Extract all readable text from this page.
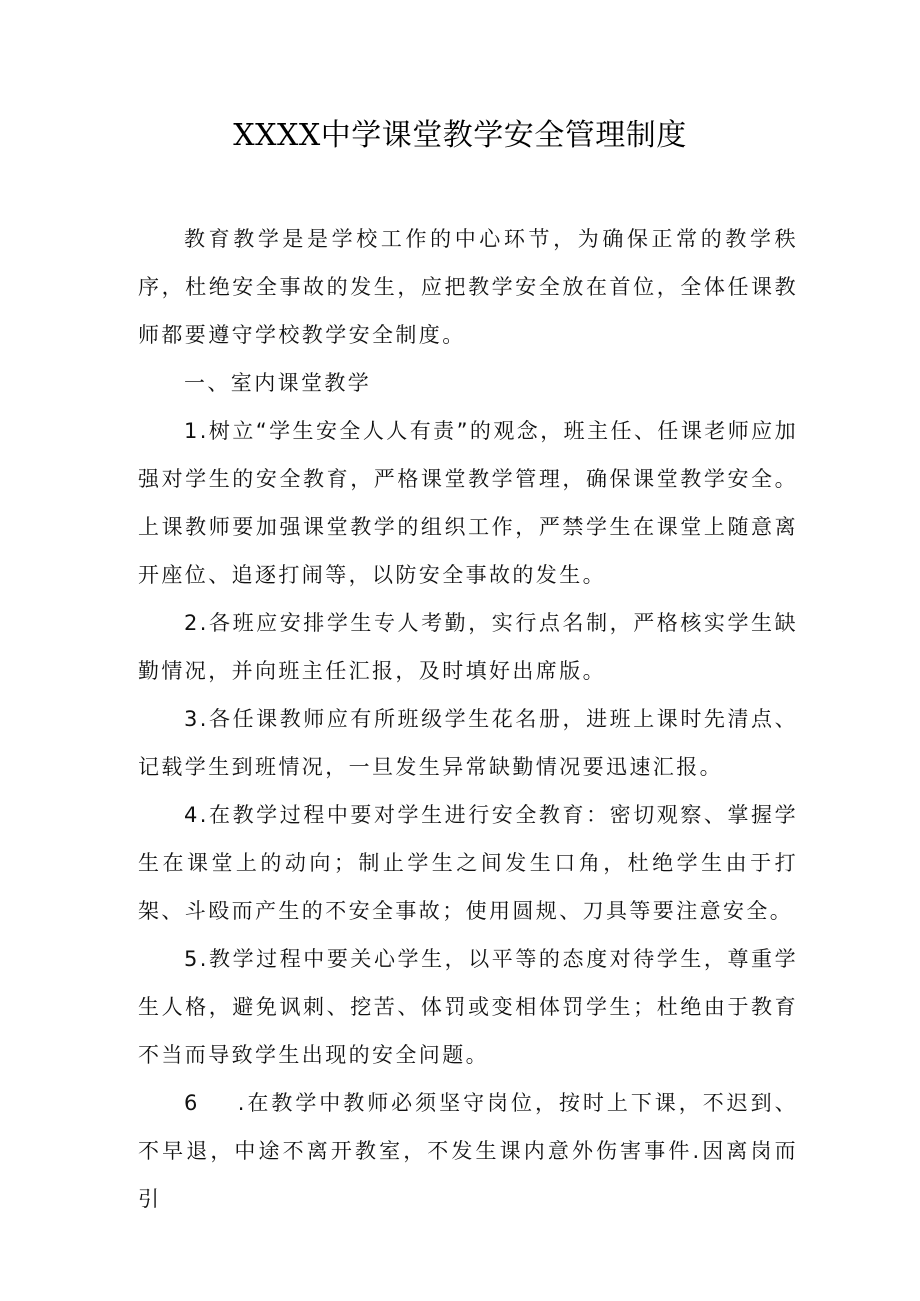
XXXX中学课堂教学安全管理制度

教育教学是是学校工作的中心环节，为确保正常的教学秩序，杜绝安全事故的发生，应把教学安全放在首位，全体任课教师都要遵守学校教学安全制度。

一、室内课堂教学

1.树立“学生安全人人有责”的观念，班主任、任课老师应加强对学生的安全教育，严格课堂教学管理，确保课堂教学安全。上课教师要加强课堂教学的组织工作，严禁学生在课堂上随意离开座位、追逐打闹等，以防安全事故的发生。

2.各班应安排学生专人考勤，实行点名制，严格核实学生缺勤情况，并向班主任汇报，及时填好出席版。

3.各任课教师应有所班级学生花名册，进班上课时先清点、记载学生到班情况，一旦发生异常缺勤情况要迅速汇报。

4.在教学过程中要对学生进行安全教育：密切观察、掌握学生在课堂上的动向；制止学生之间发生口角，杜绝学生由于打架、斗殴而产生的不安全事故；使用圆规、刀具等要注意安全。

5.教学过程中要关心学生，以平等的态度对待学生，尊重学生人格，避免讽刺、挖苦、体罚或变相体罚学生；杜绝由于教育不当而导致学生出现的安全问题。

6 .在教学中教师必须坚守岗位，按时上下课，不迟到、不早退，中途不离开教室，不发生课内意外伤害事件.因离岗而引
